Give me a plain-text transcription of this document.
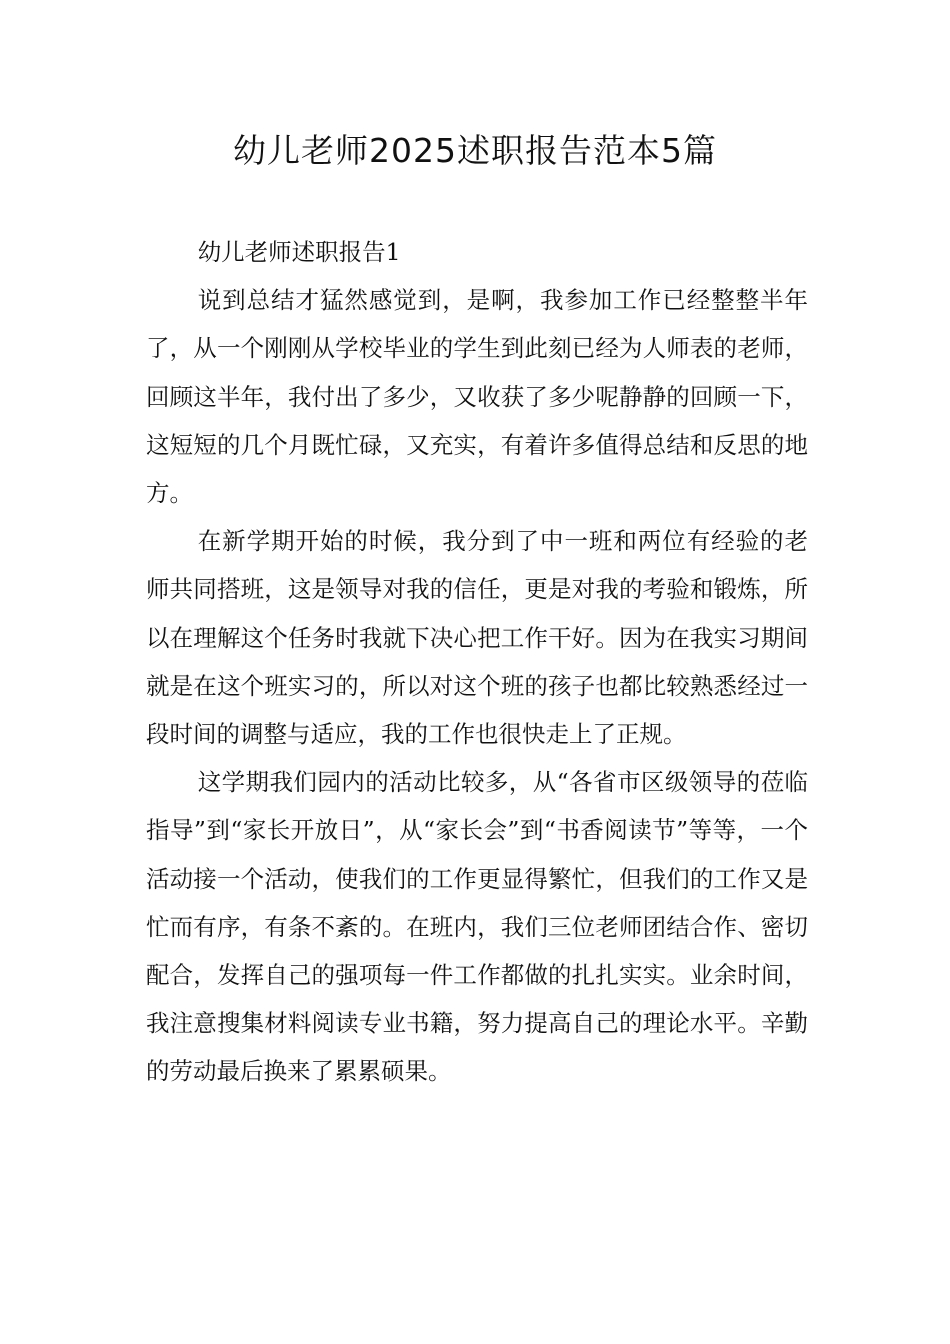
幼儿老师2025述职报告范本5篇
幼儿老师述职报告1

说到总结才猛然感觉到，是啊，我参加工作已经整整半年了，从一个刚刚从学校毕业的学生到此刻已经为人师表的老师，回顾这半年，我付出了多少，又收获了多少呢静静的回顾一下，这短短的几个月既忙碌，又充实，有着许多值得总结和反思的地方。

在新学期开始的时候，我分到了中一班和两位有经验的老师共同搭班，这是领导对我的信任，更是对我的考验和锻炼，所以在理解这个任务时我就下决心把工作干好。因为在我实习期间就是在这个班实习的，所以对这个班的孩子也都比较熟悉经过一段时间的调整与适应，我的工作也很快走上了正规。

这学期我们园内的活动比较多，从“各省市区级领导的莅临指导”到“家长开放日”，从“家长会”到“书香阅读节”等等，一个活动接一个活动，使我们的工作更显得繁忙，但我们的工作又是忙而有序，有条不紊的。在班内，我们三位老师团结合作、密切配合，发挥自己的强项每一件工作都做的扎扎实实。业余时间，我注意搜集材料阅读专业书籍，努力提高自己的理论水平。辛勤的劳动最后换来了累累硕果。
